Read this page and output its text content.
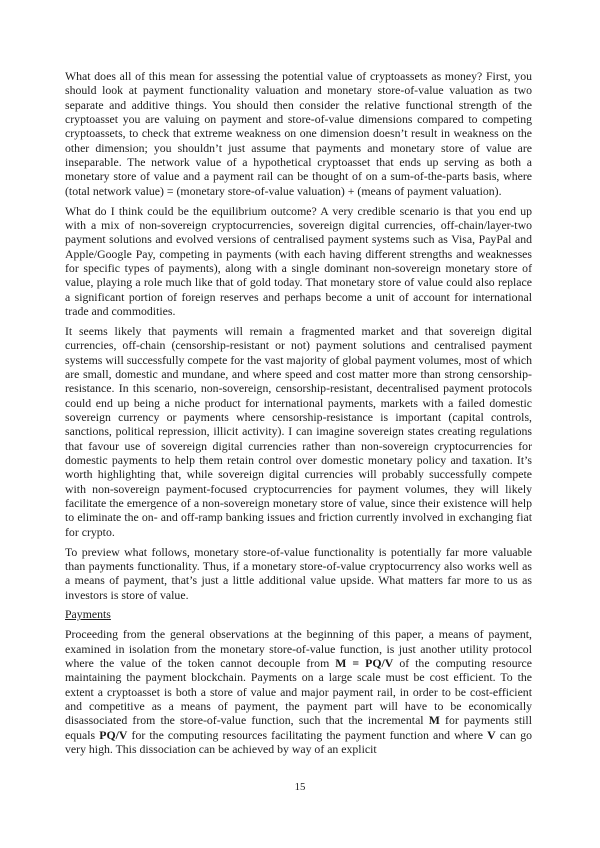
What does all of this mean for assessing the potential value of cryptoassets as money? First, you should look at payment functionality valuation and monetary store-of-value valuation as two separate and additive things. You should then consider the relative functional strength of the cryptoasset you are valuing on payment and store-of-value dimensions compared to competing cryptoassets, to check that extreme weakness on one dimension doesn’t result in weakness on the other dimension; you shouldn’t just assume that payments and monetary store of value are inseparable. The network value of a hypothetical cryptoasset that ends up serving as both a monetary store of value and a payment rail can be thought of on a sum-of-the-parts basis, where (total network value) = (monetary store-of-value valuation) + (means of payment valuation).

What do I think could be the equilibrium outcome? A very credible scenario is that you end up with a mix of non-sovereign cryptocurrencies, sovereign digital currencies, off-chain/layer-two payment solutions and evolved versions of centralised payment systems such as Visa, PayPal and Apple/Google Pay, competing in payments (with each having different strengths and weaknesses for specific types of payments), along with a single dominant non-sovereign monetary store of value, playing a role much like that of gold today. That monetary store of value could also replace a significant portion of foreign reserves and perhaps become a unit of account for international trade and commodities.

It seems likely that payments will remain a fragmented market and that sovereign digital currencies, off-chain (censorship-resistant or not) payment solutions and centralised payment systems will successfully compete for the vast majority of global payment volumes, most of which are small, domestic and mundane, and where speed and cost matter more than strong censorship-resistance. In this scenario, non-sovereign, censorship-resistant, decentralised payment protocols could end up being a niche product for international payments, markets with a failed domestic sovereign currency or payments where censorship-resistance is important (capital controls, sanctions, political repression, illicit activity). I can imagine sovereign states creating regulations that favour use of sovereign digital currencies rather than non-sovereign cryptocurrencies for domestic payments to help them retain control over domestic monetary policy and taxation. It’s worth highlighting that, while sovereign digital currencies will probably successfully compete with non-sovereign payment-focused cryptocurrencies for payment volumes, they will likely facilitate the emergence of a non-sovereign monetary store of value, since their existence will help to eliminate the on- and off-ramp banking issues and friction currently involved in exchanging fiat for crypto.

To preview what follows, monetary store-of-value functionality is potentially far more valuable than payments functionality. Thus, if a monetary store-of-value cryptocurrency also works well as a means of payment, that’s just a little additional value upside. What matters far more to us as investors is store of value.

Payments

Proceeding from the general observations at the beginning of this paper, a means of payment, examined in isolation from the monetary store-of-value function, is just another utility protocol where the value of the token cannot decouple from M = PQ/V of the computing resource maintaining the payment blockchain. Payments on a large scale must be cost efficient. To the extent a cryptoasset is both a store of value and major payment rail, in order to be cost-efficient and competitive as a means of payment, the payment part will have to be economically disassociated from the store-of-value function, such that the incremental M for payments still equals PQ/V for the computing resources facilitating the payment function and where V can go very high. This dissociation can be achieved by way of an explicit

15
